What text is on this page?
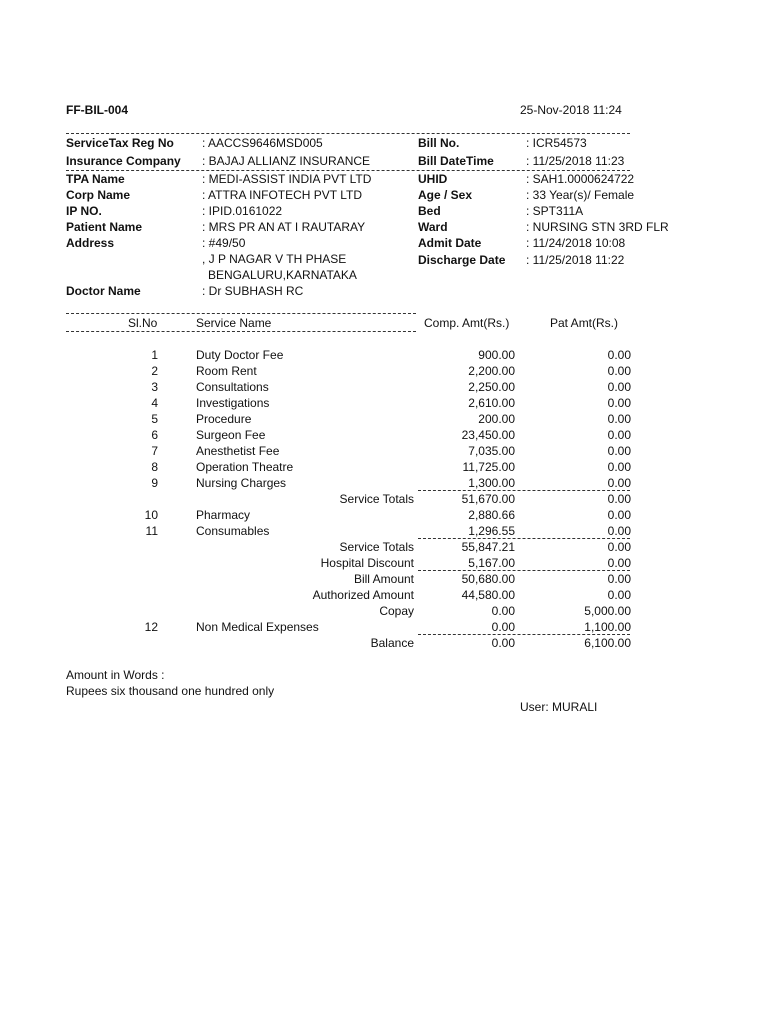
FF-BIL-004	25-Nov-2018 11:24
ServiceTax Reg No : AACCS9646MSD005
Insurance Company : BAJAJ ALLIANZ INSURANCE
TPA Name	: MEDI-ASSIST INDIA PVT LTD
Corp Name	: ATTRA INFOTECH PVT LTD
IP NO.	: IPID.0161022
Patient Name	: MRS PR AN AT I RAUTARAY
Address	: #49/50
, J P NAGAR V TH PHASE
BENGALURU,KARNATAKA
Doctor Name	: Dr SUBHASH RC
Bill No.	: ICR54573
Bill DateTime	: 11/25/2018 11:23
UHID	: SAH1.0000624722
Age / Sex	: 33 Year(s)/ Female
Bed	: SPT311A
Ward	: NURSING STN 3RD FLR
Admit Date	: 11/24/2018 10:08
Discharge Date : 11/25/2018 11:22
Sl.No	Service Name	Comp. Amt(Rs.)	Pat Amt(Rs.)
1	Duty Doctor Fee	900.00	0.00
2	Room Rent	2,200.00	0.00
3	Consultations	2,250.00	0.00
4	Investigations	2,610.00	0.00
5	Procedure	200.00	0.00
6	Surgeon Fee	23,450.00	0.00
7	Anesthetist Fee	7,035.00	0.00
8	Operation Theatre	11,725.00	0.00
9	Nursing Charges	1,300.00	0.00
Service Totals	51,670.00	0.00
10	Pharmacy	2,880.66	0.00
11	Consumables	1,296.55	0.00
Service Totals	55,847.21	0.00
Hospital Discount	5,167.00	0.00
Bill Amount	50,680.00	0.00
Authorized Amount	44,580.00	0.00
Copay	0.00	5,000.00
12	Non Medical Expenses	0.00	1,100.00
Balance	0.00	6,100.00
Amount in Words :
Rupees six thousand one hundred only
User: MURALI
